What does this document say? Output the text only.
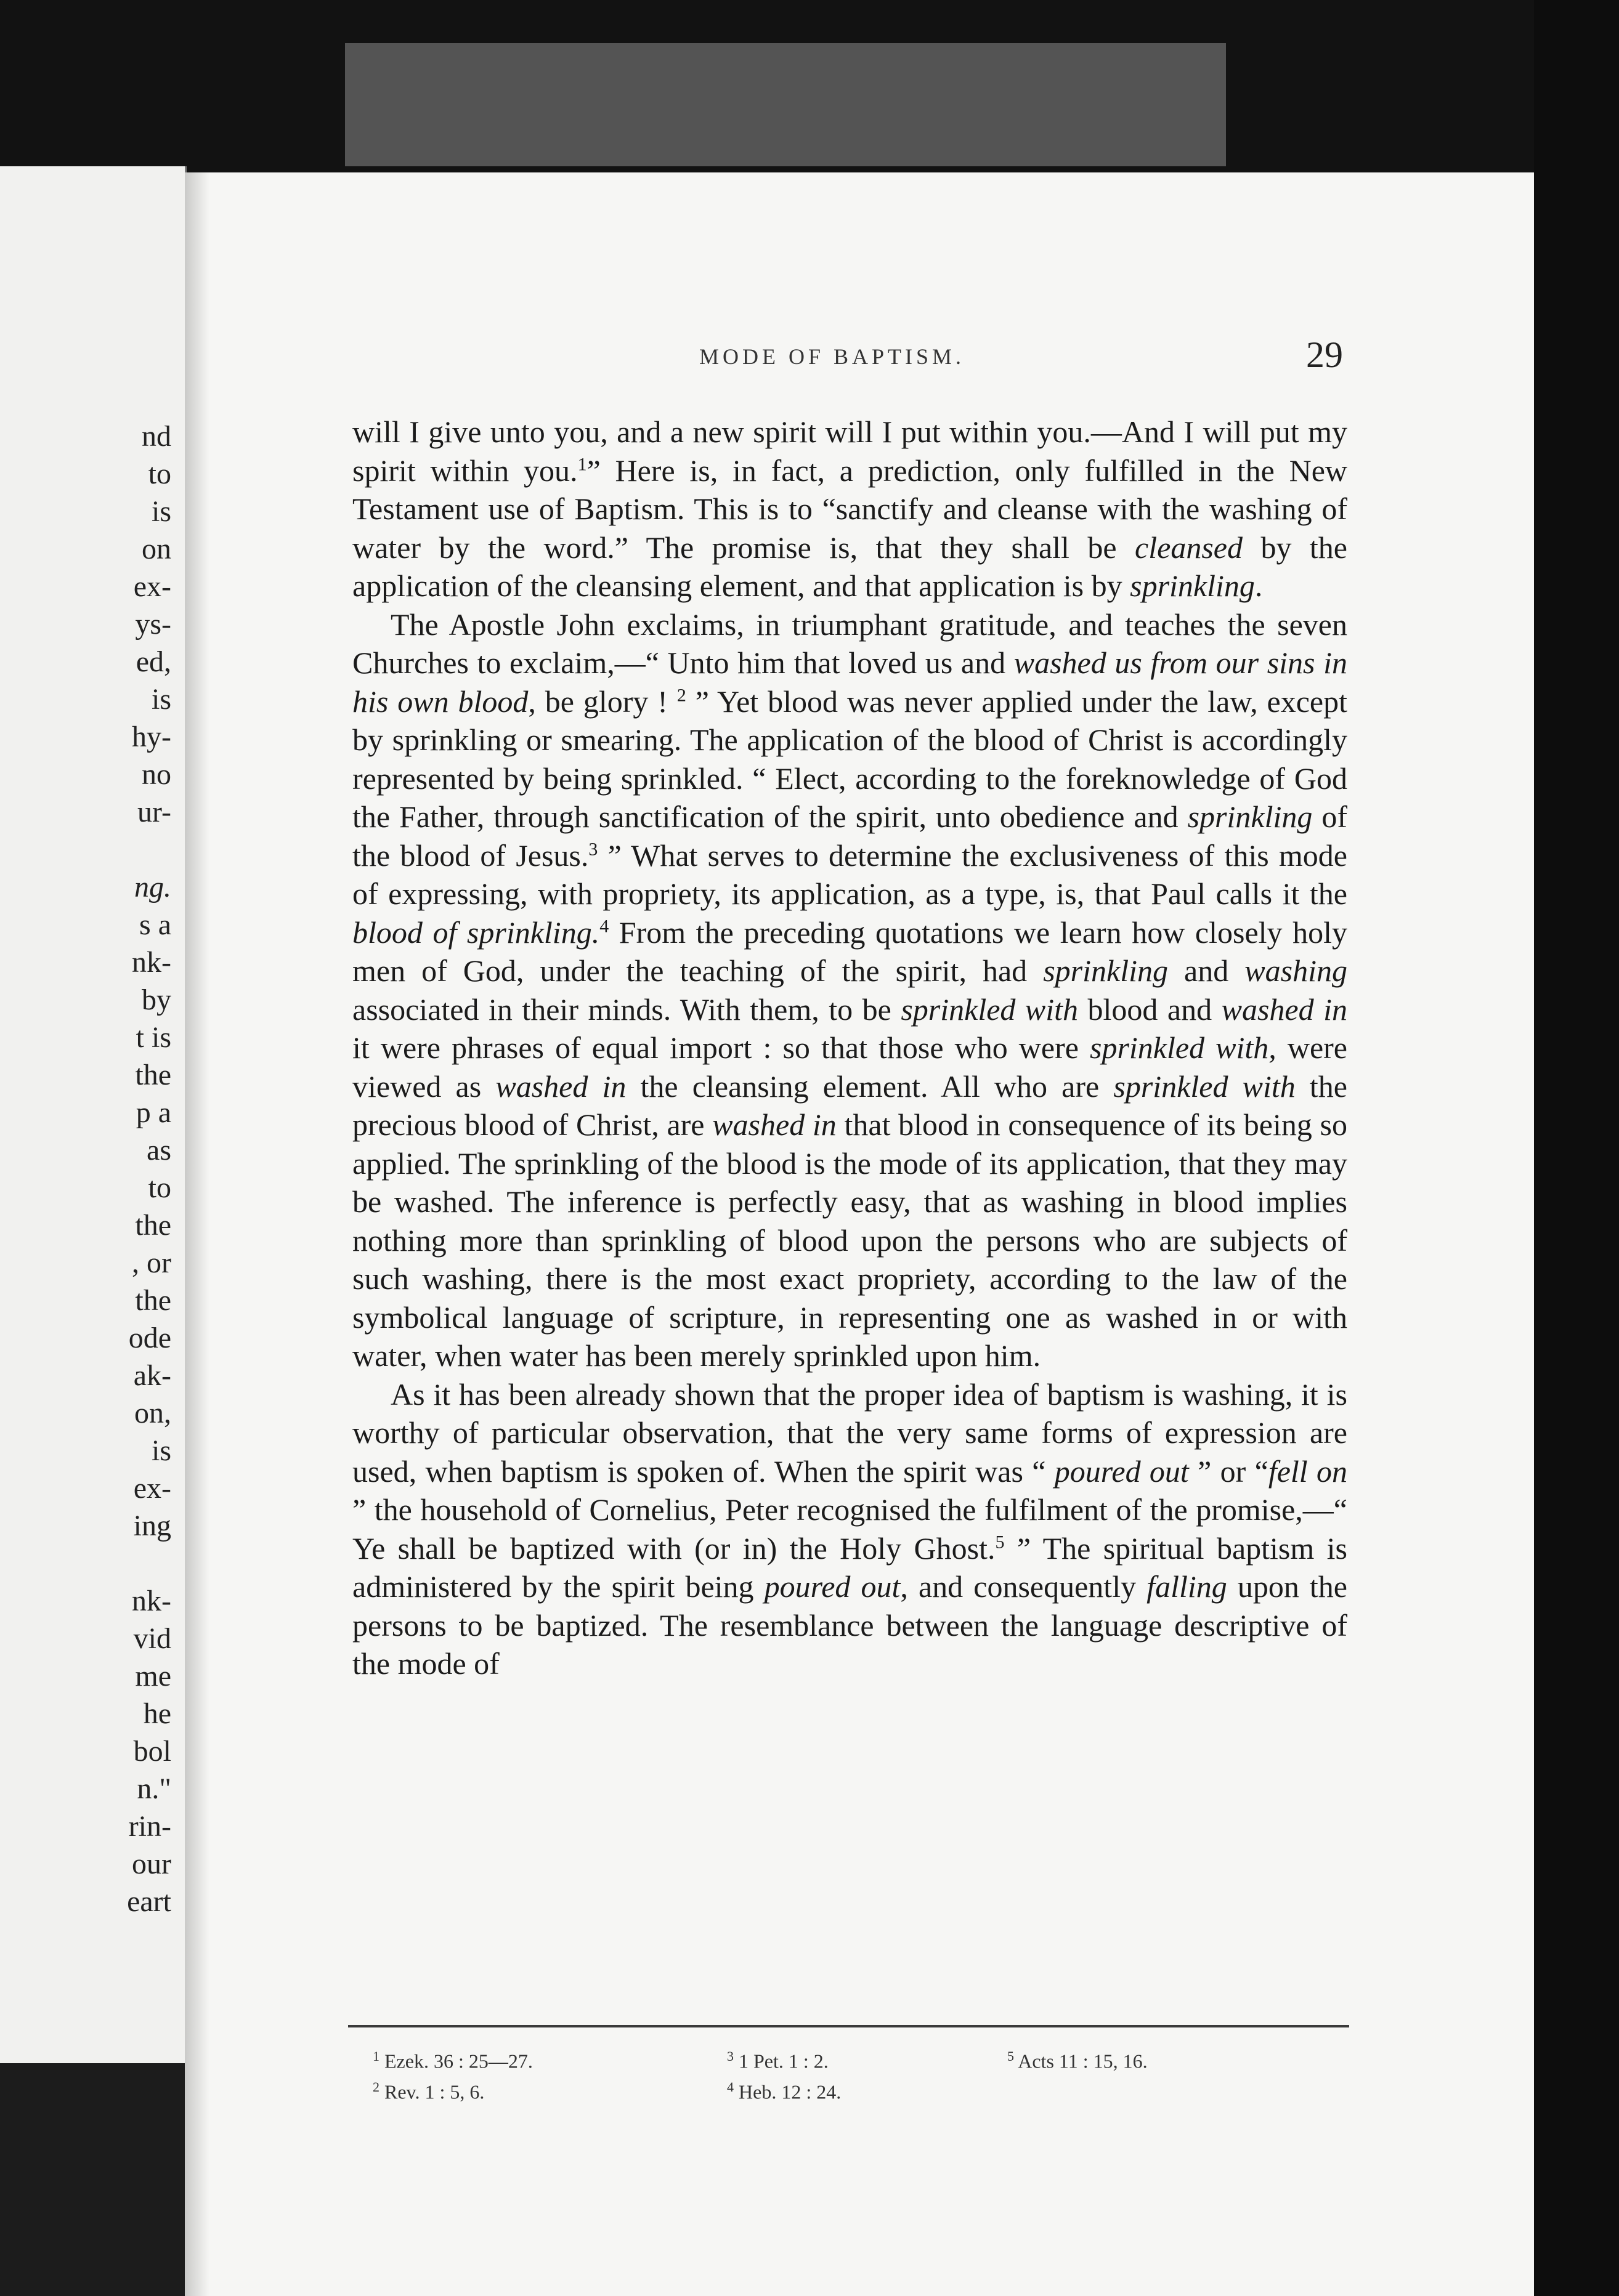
nd
to
is
on
ex-
ys-
ed,
is
hy-
no
ur-
ng.
s a
nk-
by
t is
the
p a
as
to
the
, or
the
ode
ak-
on,
is
ex-
ing
nk-
vid
me
he
bol
n."
rin-
our
eart
MODE OF BAPTISM.	29

will I give unto you, and a new spirit will I put within you.—And I will put my spirit within you.$^1$” Here is, in fact, a prediction, only fulfilled in the New Testament use of Baptism. This is to “sanctify and cleanse with the washing of water by the word.” The promise is, that they shall be cleansed by the application of the cleansing element, and that application is by sprinkling.

The Apostle John exclaims, in triumphant gratitude, and teaches the seven Churches to exclaim,—“ Unto him that loved us and washed us from our sins in his own blood, be glory ! $^2$ ” Yet blood was never applied under the law, except by sprinkling or smearing. The application of the blood of Christ is accordingly represented by being sprinkled. “ Elect, according to the foreknowledge of God the Father, through sanctification of the spirit, unto obedience and sprinkling of the blood of Jesus.$^3$ ” What serves to determine the exclusiveness of this mode of expressing, with propriety, its application, as a type, is, that Paul calls it the blood of sprinkling.$^4$ From the preceding quotations we learn how closely holy men of God, under the teaching of the spirit, had sprinkling and washing associated in their minds. With them, to be sprinkled with blood and washed in it were phrases of equal import : so that those who were sprinkled with, were viewed as washed in the cleansing element. All who are sprinkled with the precious blood of Christ, are washed in that blood in consequence of its being so applied. The sprinkling of the blood is the mode of its application, that they may be washed. The inference is perfectly easy, that as washing in blood implies nothing more than sprinkling of blood upon the persons who are subjects of such washing, there is the most exact propriety, according to the law of the symbolical language of scripture, in representing one as washed in or with water, when water has been merely sprinkled upon him.

As it has been already shown that the proper idea of baptism is washing, it is worthy of particular observation, that the very same forms of expression are used, when baptism is spoken of. When the spirit was “ poured out ” or “fell on ” the household of Cornelius, Peter recognised the fulfilment of the promise,—“ Ye shall be baptized with (or in) the Holy Ghost.$^5$ ” The spiritual baptism is administered by the spirit being poured out, and consequently falling upon the persons to be baptized. The resemblance between the language descriptive of the mode of

$^1$ Ezek. 36 : 25—27.
$^2$ Rev. 1 : 5, 6.
$^3$ 1 Pet. 1 : 2.
$^4$ Heb. 12 : 24.
$^5$ Acts 11 : 15, 16.
